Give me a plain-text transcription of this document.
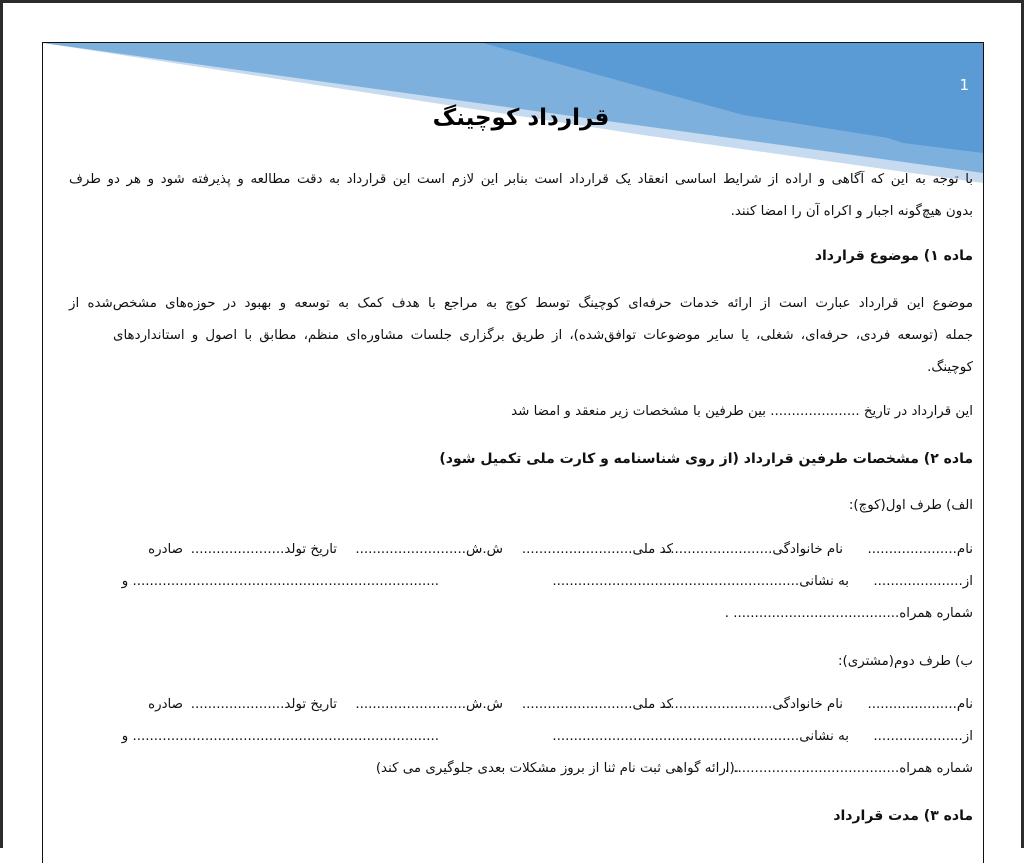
1
قرارداد کوچینگ
با توجه به این که آگاهی و اراده از شرایط اساسی انعقاد یک قرارداد است بنابر این لازم است این قرارداد به دقت مطالعه و پذیرفته شود و هر دو طرف
بدون هیچ‌گونه اجبار و اکراه آن را امضا کنند.
ماده ۱) موضوع قرارداد
موضوع این قرارداد عبارت است از ارائه خدمات حرفه‌ای کوچینگ توسط کوچ به مراجع با هدف کمک به توسعه و بهبود در حوزه‌های مشخص‌شده از
جمله (توسعه فردی، حرفه‌ای، شغلی، یا سایر موضوعات توافق‌شده)، از طریق برگزاری جلسات مشاوره‌ای منظم، مطابق با اصول و استانداردهای
کوچینگ.
این قرارداد در تاریخ ..................... بین طرفین با مشخصات زیر منعقد و امضا شد
ماده ۲) مشخصات طرفین قرارداد (از روی شناسنامه و کارت ملی تکمیل شود)
الف) طرف اول(کوچ):
نام.....................
نام خانوادگی..........................
کد ملی..........................
ش.ش..........................
تاریخ تولد......................
صادره
از.....................
به نشانی..........................................................
........................................................................ و
شماره همراه....................................... .
ب) طرف دوم(مشتری):
نام.....................
نام خانوادگی..........................
کد ملی..........................
ش.ش..........................
تاریخ تولد......................
صادره
از.....................
به نشانی..........................................................
........................................................................ و
شماره همراه....................................... .
.(ارائه گواهی ثبت نام ثنا از بروز مشکلات بعدی جلوگیری می کند)
ماده ۳) مدت قرارداد
